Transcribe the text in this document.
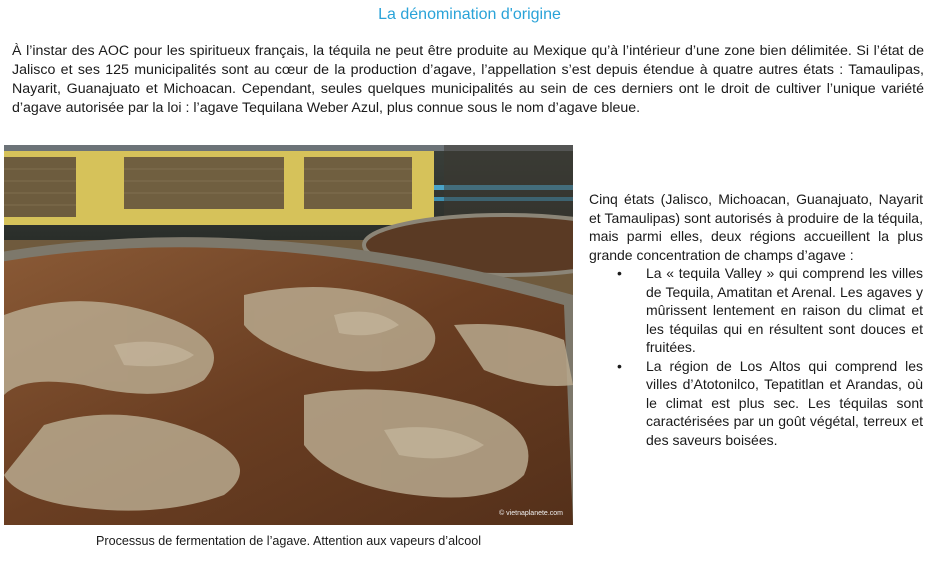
La dénomination d'origine
À l’instar des AOC pour les spiritueux français, la téquila ne peut être produite au Mexique qu’à l’intérieur d’une zone bien délimitée. Si l’état de Jalisco et ses 125 municipalités sont au cœur de la production d’agave, l’appellation s’est depuis étendue à quatre autres états : Tamaulipas, Nayarit, Guanajuato et Michoacan. Cependant, seules quelques municipalités au sein de ces derniers ont le droit de cultiver l’unique variété d’agave autorisée par la loi : l’agave Tequilana Weber Azul, plus connue sous le nom d’agave bleue.
© vietnaplanete.com
Processus de fermentation de l’agave. Attention aux vapeurs d’alcool

Cinq états (Jalisco, Michoacan, Guanajuato, Nayarit et Tamaulipas) sont autorisés à produire de la téquila, mais parmi elles, deux régions accueillent la plus grande concentration de champs d’agave :

• La « tequila Valley » qui comprend les villes de Tequila, Amatitan et Arenal. Les agaves y mûrissent lentement en raison du climat et les téquilas qui en résultent sont douces et fruitées.
• La région de Los Altos qui comprend les villes d’Atotonilco, Tepatitlan et Arandas, où le climat est plus sec. Les téquilas sont caractérisées par un goût végétal, terreux et des saveurs boisées.
